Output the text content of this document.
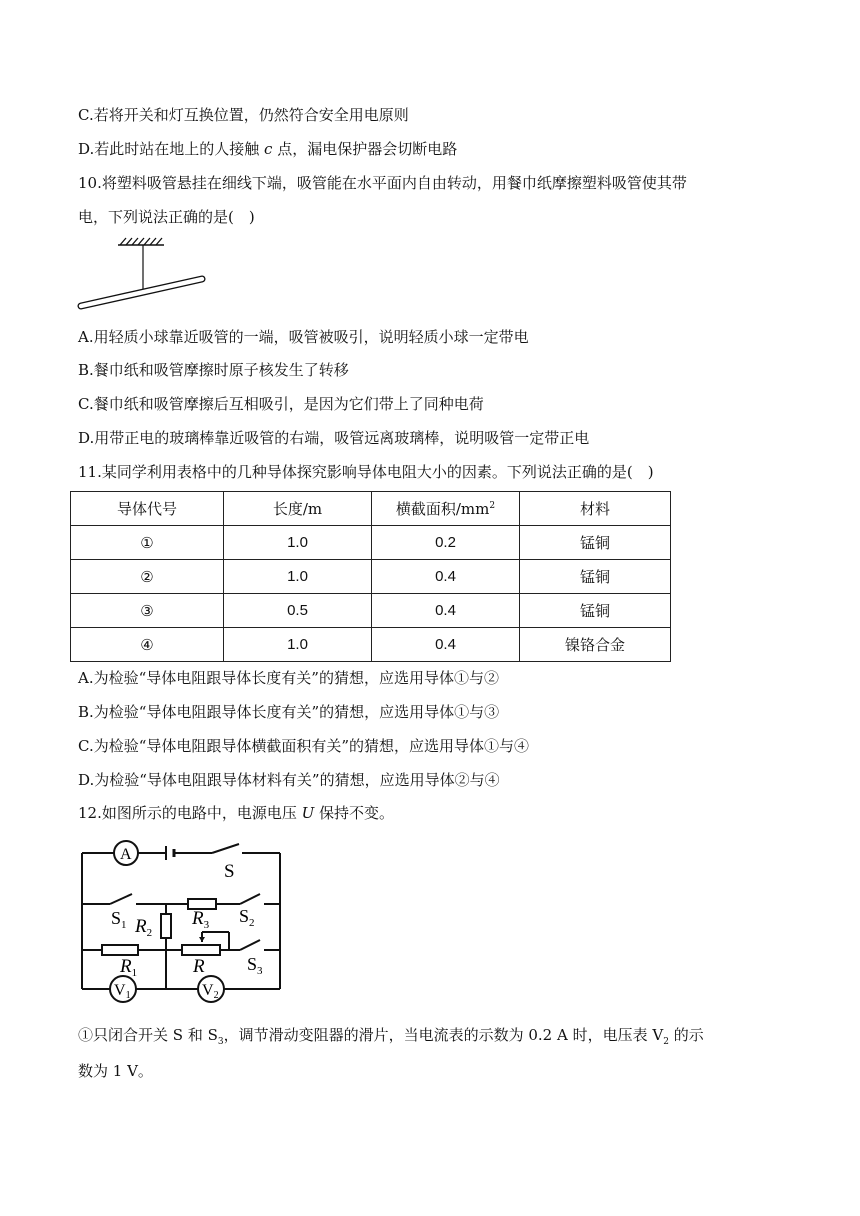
C.若将开关和灯互换位置，仍然符合安全用电原则
D.若此时站在地上的人接触 c 点，漏电保护器会切断电路
10.将塑料吸管悬挂在细线下端，吸管能在水平面内自由转动，用餐巾纸摩擦塑料吸管使其带
电，下列说法正确的是(　)
A.用轻质小球靠近吸管的一端，吸管被吸引，说明轻质小球一定带电
B.餐巾纸和吸管摩擦时原子核发生了转移
C.餐巾纸和吸管摩擦后互相吸引，是因为它们带上了同种电荷
D.用带正电的玻璃棒靠近吸管的右端，吸管远离玻璃棒，说明吸管一定带正电
11.某同学利用表格中的几种导体探究影响导体电阻大小的因素。下列说法正确的是(　)
导体代号	长度/m	横截面积$/mm^2$	材料
①	1.0	0.2	锰铜
②	1.0	0.4	锰铜
③	0.5	0.4	锰铜
④	1.0	0.4	镍铬合金
A.为检验“导体电阻跟导体长度有关”的猜想，应选用导体①与②
B.为检验“导体电阻跟导体长度有关”的猜想，应选用导体①与③
C.为检验“导体电阻跟导体横截面积有关”的猜想，应选用导体①与④
D.为检验“导体电阻跟导体材料有关”的猜想，应选用导体②与④
12.如图所示的电路中，电源电压 U 保持不变。
A
S
$S_1$ $R_2$
$R_3$ $S_2$
$R_1$	R $S_3$
V1	V2
①只闭合开关 S 和 $S_3$，调节滑动变阻器的滑片，当电流表的示数为 0.2 A 时，电压表 $V_2$ 的示
数为 1 V。
